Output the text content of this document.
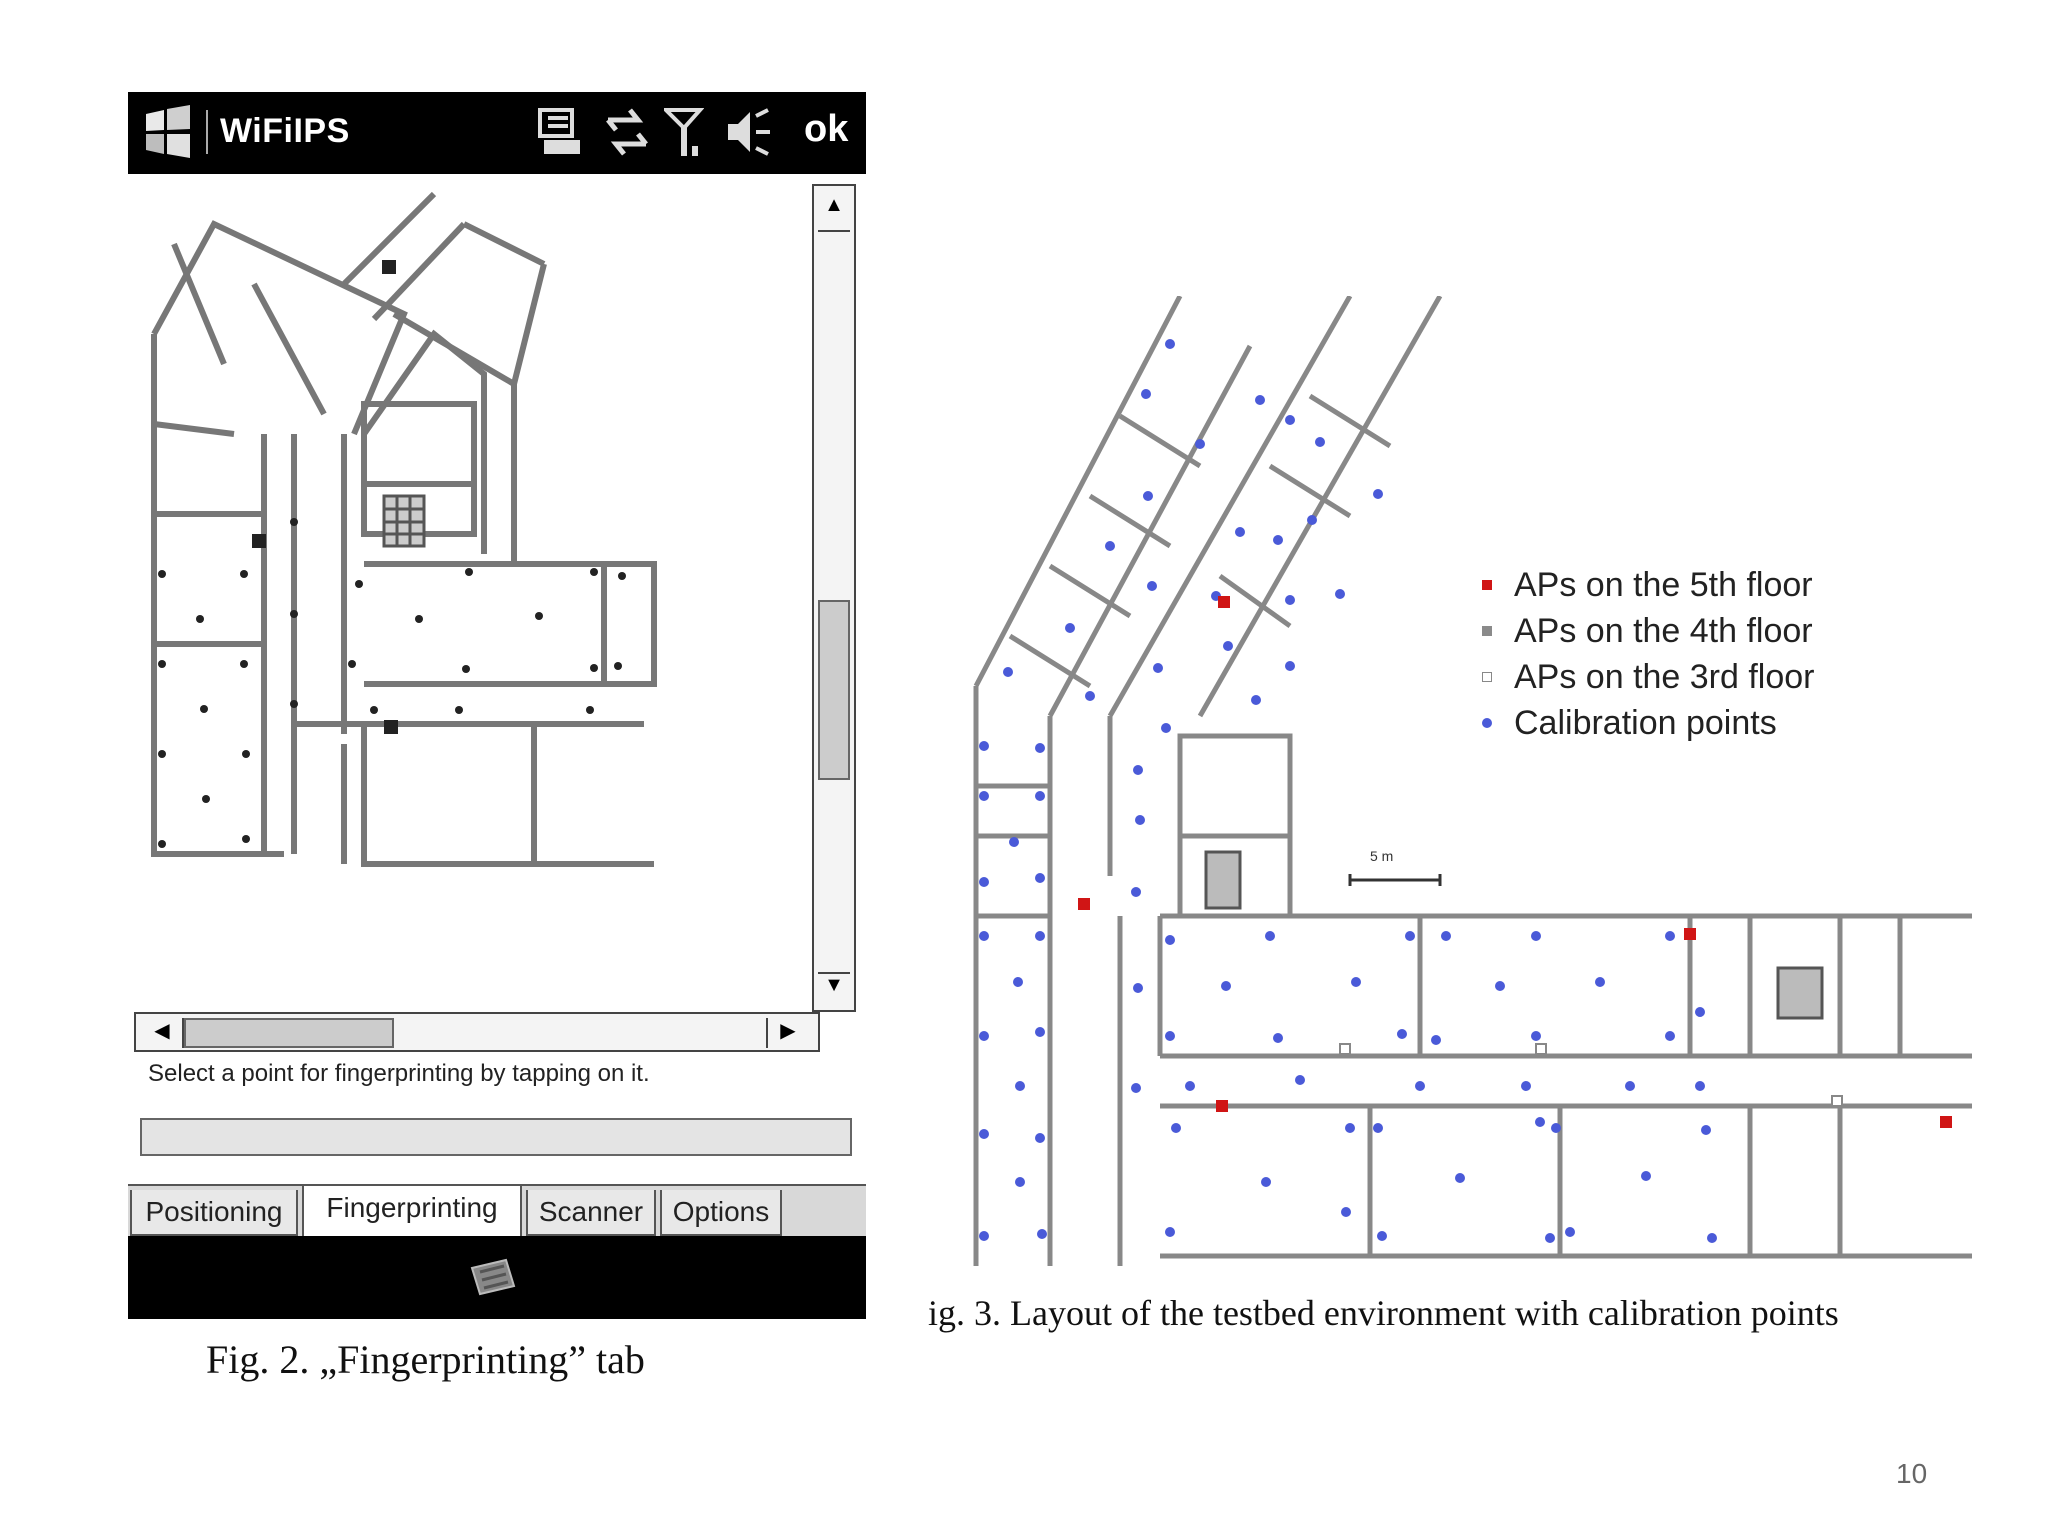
WiFiIPS	ok
▲
▼
◀	▶
Select a point for fingerprinting by tapping on it.
Positioning	Fingerprinting	Scanner	Options
Fig. 2. „Fingerprinting” tab
5 m
APs on the 5th floor
APs on the 4th floor
APs on the 3rd floor
Calibration points
ig. 3. Layout of the testbed environment with calibration points
10
